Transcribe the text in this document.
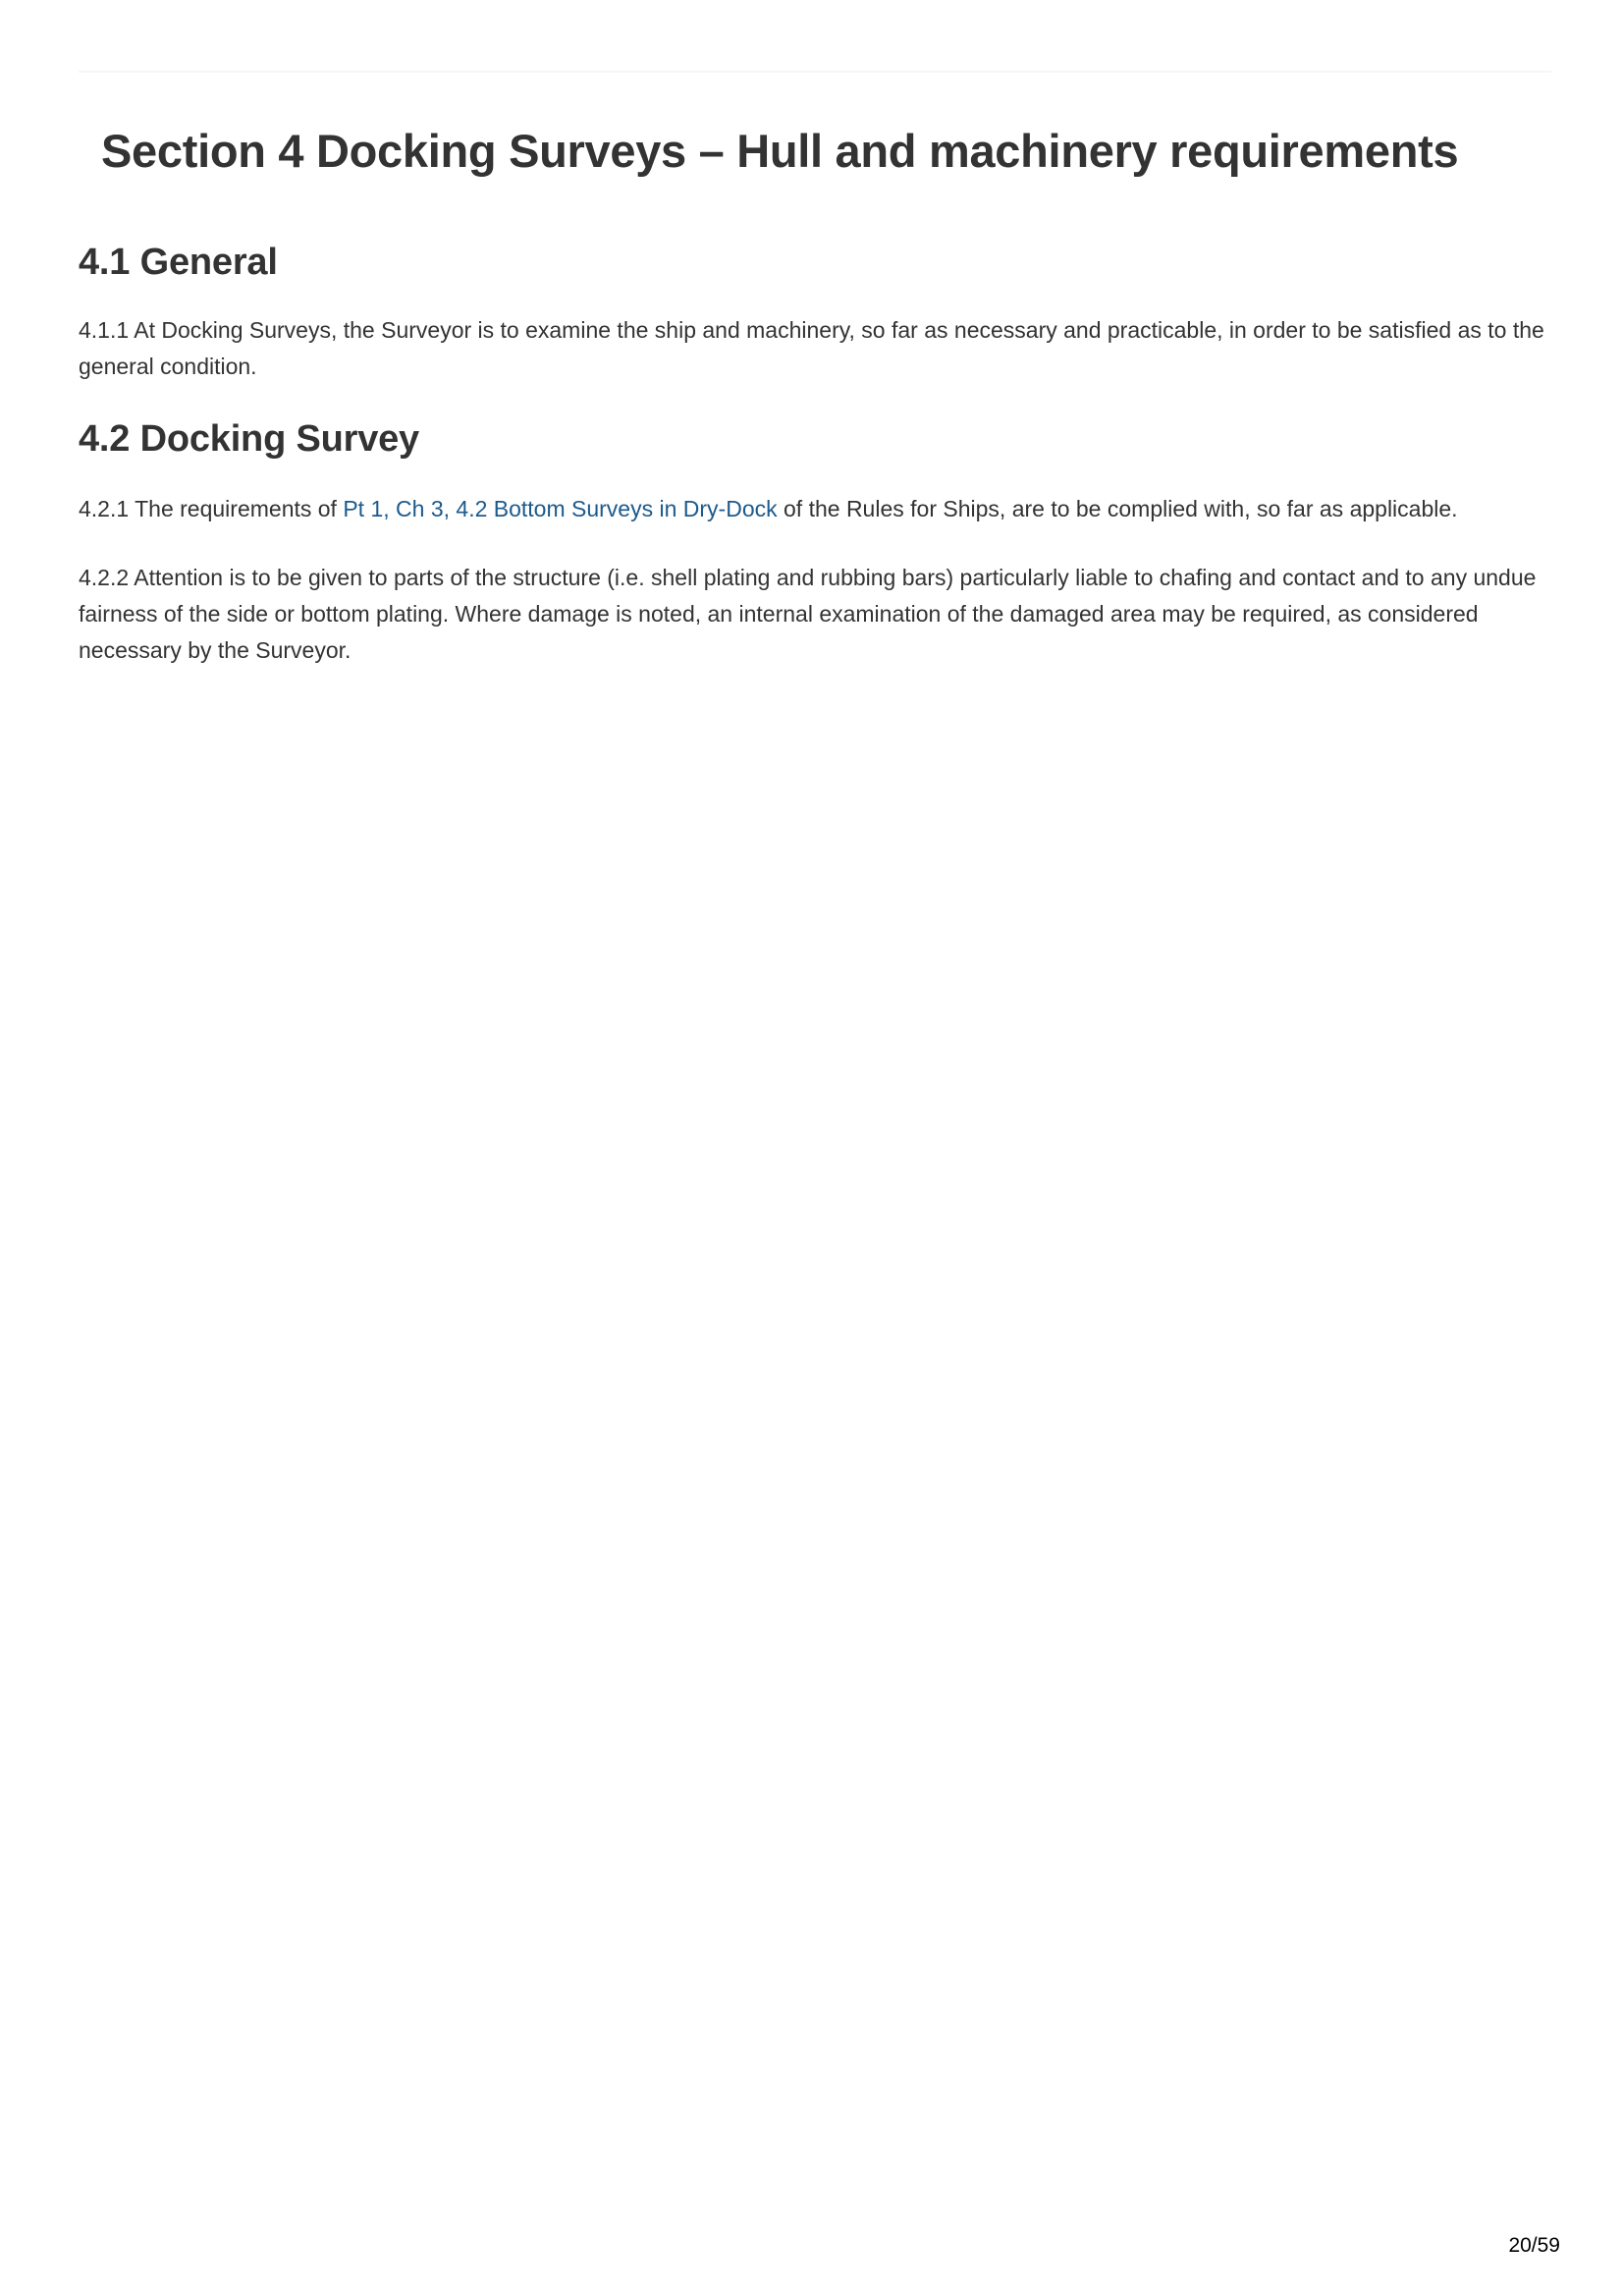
Section 4 Docking Surveys – Hull and machinery requirements
4.1 General

4.1.1 At Docking Surveys, the Surveyor is to examine the ship and machinery, so far as necessary and practicable, in order to be satisfied as to the general condition.

4.2 Docking Survey

4.2.1 The requirements of Pt 1, Ch 3, 4.2 Bottom Surveys in Dry-Dock of the Rules for Ships, are to be complied with, so far as applicable.

4.2.2 Attention is to be given to parts of the structure (i.e. shell plating and rubbing bars) particularly liable to chafing and contact and to any undue fairness of the side or bottom plating. Where damage is noted, an internal examination of the damaged area may be required, as considered necessary by the Surveyor.

20/59
